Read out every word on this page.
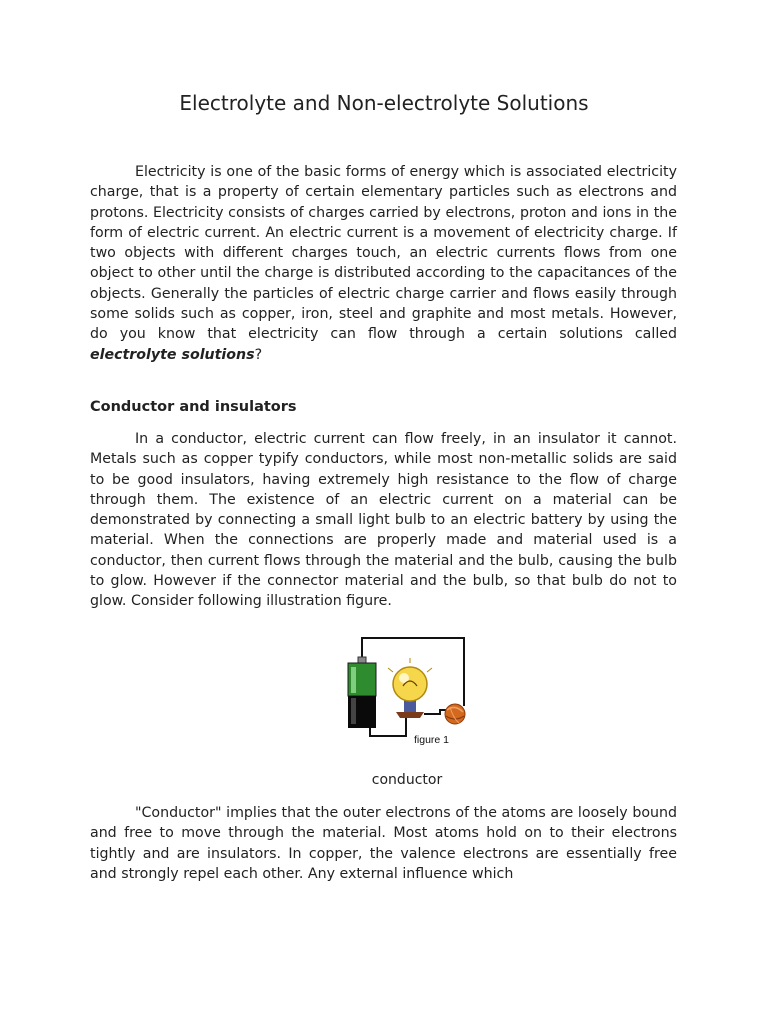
Electrolyte and Non-electrolyte Solutions

Electricity is one of the basic forms of energy which is associated electricity charge, that is a property of certain elementary particles such as electrons and protons. Electricity consists of charges carried by electrons, proton and ions in the form of electric current. An electric current is a movement of electricity charge. If two objects with different charges touch, an electric currents flows from one object to other until the charge is distributed according to the capacitances of the objects. Generally the particles of electric charge carrier and flows easily through some solids such as copper, iron, steel and graphite and most metals. However, do you know that electricity can flow through a certain solutions called electrolyte solutions?

Conductor and insulators

In a conductor, electric current can flow freely, in an insulator it cannot. Metals such as copper typify conductors, while most non-metallic solids are said to be good insulators, having extremely high resistance to the flow of charge through them. The existence of an electric current on a material can be demonstrated by connecting a small light bulb to an electric battery by using the material. When the connections are properly made and material used is a conductor, then current flows through the material and the bulb, causing the bulb to glow. However if the connector material and the bulb, so that bulb do not to glow. Consider following illustration figure.

figure 1
conductor

"Conductor" implies that the outer electrons of the atoms are loosely bound and free to move through the material. Most atoms hold on to their electrons tightly and are insulators. In copper, the valence electrons are essentially free and strongly repel each other. Any external influence which
